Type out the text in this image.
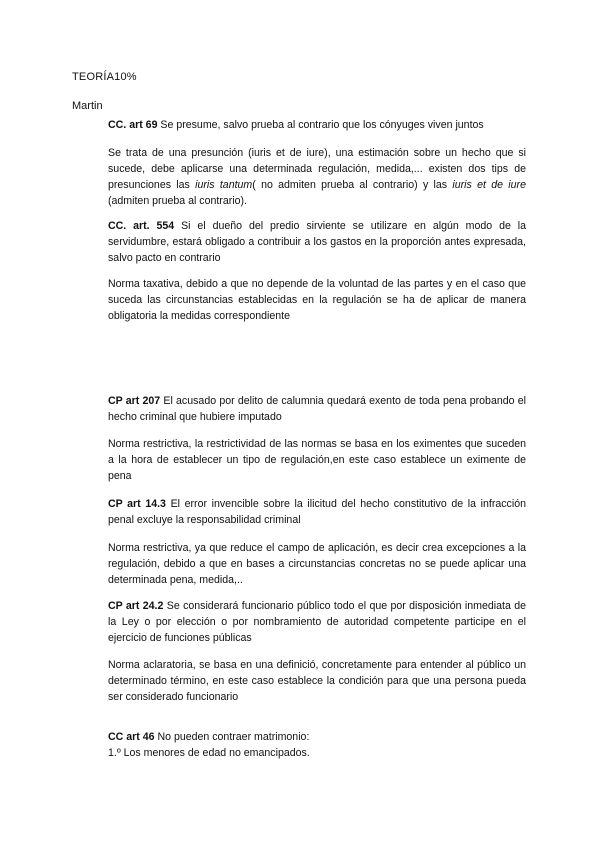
TEORÍA10%
Martin
CC. art 69 Se presume, salvo prueba al contrario que los cónyuges viven juntos
Se trata de una presunción (iuris et de iure), una estimación sobre un hecho que si sucede, debe aplicarse una determinada regulación, medida,... existen dos tips de presunciones las iuris tantum( no admiten prueba al contrario) y las iuris et de iure (admiten prueba al contrario).
CC. art. 554 Si el dueño del predio sirviente se utilizare en algún modo de la servidumbre, estará obligado a contribuir a los gastos en la proporción antes expresada, salvo pacto en contrario
Norma taxativa, debido a que no depende de la voluntad de las partes y en el caso que suceda las circunstancias establecidas en la regulación se ha de aplicar de manera obligatoria la medidas correspondiente
CP art 207 El acusado por delito de calumnia quedará exento de toda pena probando el hecho criminal que hubiere imputado
Norma restrictiva, la restrictividad de las normas se basa en los eximentes que suceden a la hora de establecer un tipo de regulación,en este caso establece un eximente de pena
CP art 14.3 El error invencible sobre la ilicitud del hecho constitutivo de la infracción penal excluye la responsabilidad criminal
Norma restrictiva, ya que reduce el campo de aplicación, es decir crea excepciones a la regulación, debido a que en bases a circunstancias concretas no se puede aplicar una determinada pena, medida,..
CP art 24.2 Se considerará funcionario público todo el que por disposición inmediata de la Ley o por elección o por nombramiento de autoridad competente participe en el ejercicio de funciones públicas
Norma aclaratoria, se basa en una definició, concretamente para entender al público un determinado término, en este caso establece la condición para que una persona pueda ser considerado funcionario
CC art 46 No pueden contraer matrimonio:
1.º Los menores de edad no emancipados.
